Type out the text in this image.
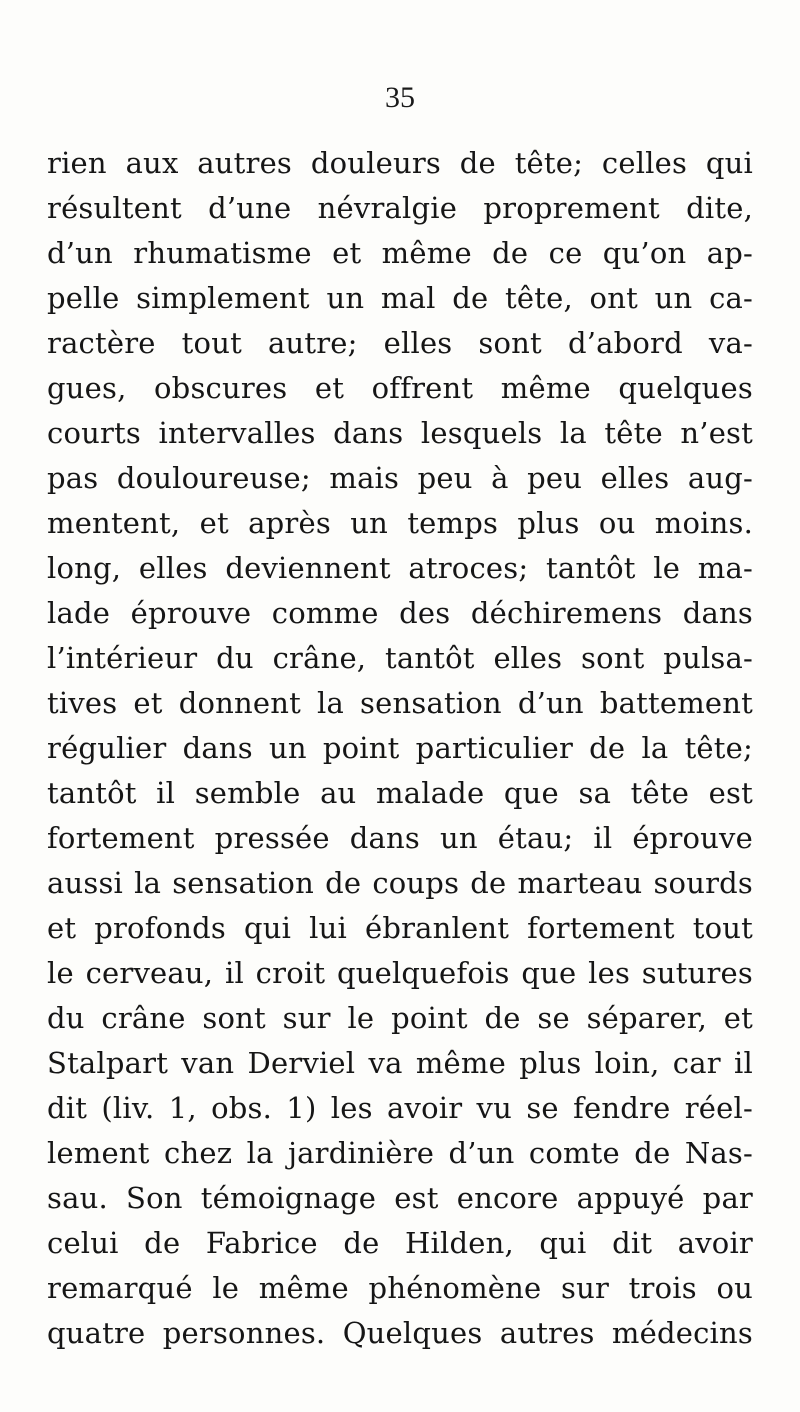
35
rien aux autres douleurs de tête; celles qui
résultent d’une névralgie proprement dite,
d’un rhumatisme et même de ce qu’on ap-
pelle simplement un mal de tête, ont un ca-
ractère tout autre; elles sont d’abord va-
gues, obscures et offrent même quelques
courts intervalles dans lesquels la tête n’est
pas douloureuse; mais peu à peu elles aug-
mentent, et après un temps plus ou moins.
long, elles deviennent atroces; tantôt le ma-
lade éprouve comme des déchiremens dans
l’intérieur du crâne, tantôt elles sont pulsa-
tives et donnent la sensation d’un battement
régulier dans un point particulier de la tête;
tantôt il semble au malade que sa tête est
fortement pressée dans un étau; il éprouve
aussi la sensation de coups de marteau sourds
et profonds qui lui ébranlent fortement tout
le cerveau, il croit quelquefois que les sutures
du crâne sont sur le point de se séparer, et
Stalpart van Derviel va même plus loin, car il
dit (liv. 1, obs. 1) les avoir vu se fendre réel-
lement chez la jardinière d’un comte de Nas-
sau. Son témoignage est encore appuyé par
celui de Fabrice de Hilden, qui dit avoir
remarqué le même phénomène sur trois ou
quatre personnes. Quelques autres médecins
